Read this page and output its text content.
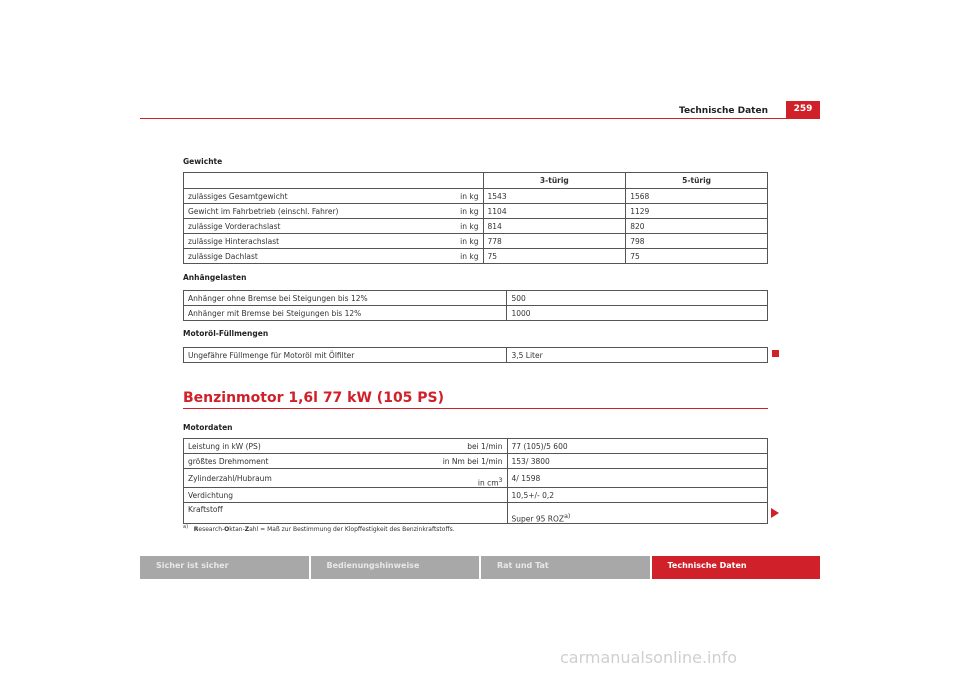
Technische Daten	259
Gewichte
		3-türig	5-türig
zulässiges Gesamtgewicht	in kg	1543	1568
Gewicht im Fahrbetrieb (einschl. Fahrer)	in kg	1104	1129
zulässige Vorderachslast	in kg	814	820
zulässige Hinterachslast	in kg	778	798
zulässige Dachlast	in kg	75	75
Anhängelasten
Anhänger ohne Bremse bei Steigungen bis 12%	500
Anhänger mit Bremse bei Steigungen bis 12%	1000
Motoröl-Füllmengen
Ungefähre Füllmenge für Motoröl mit Ölfilter	3,5 Liter
Benzinmotor 1,6l 77 kW (105 PS)
Motordaten
Leistung in kW (PS)	bei 1/min	77 (105)/5 600
größtes Drehmoment	in Nm bei 1/min	153/ 3800
Zylinderzahl/Hubraum	in $cm^3$	4/ 1598
Verdichtung		10,5+/- 0,2
Kraftstoff		Super 95 ROZ$^{a)}$
$^{a)}$ Research-Oktan-Zahl = Maß zur Bestimmung der Klopffestigkeit des Benzinkraftstoffs.
Sicher ist sicher	Bedienungshinweise	Rat und Tat	Technische Daten
carmanualsonline.info
